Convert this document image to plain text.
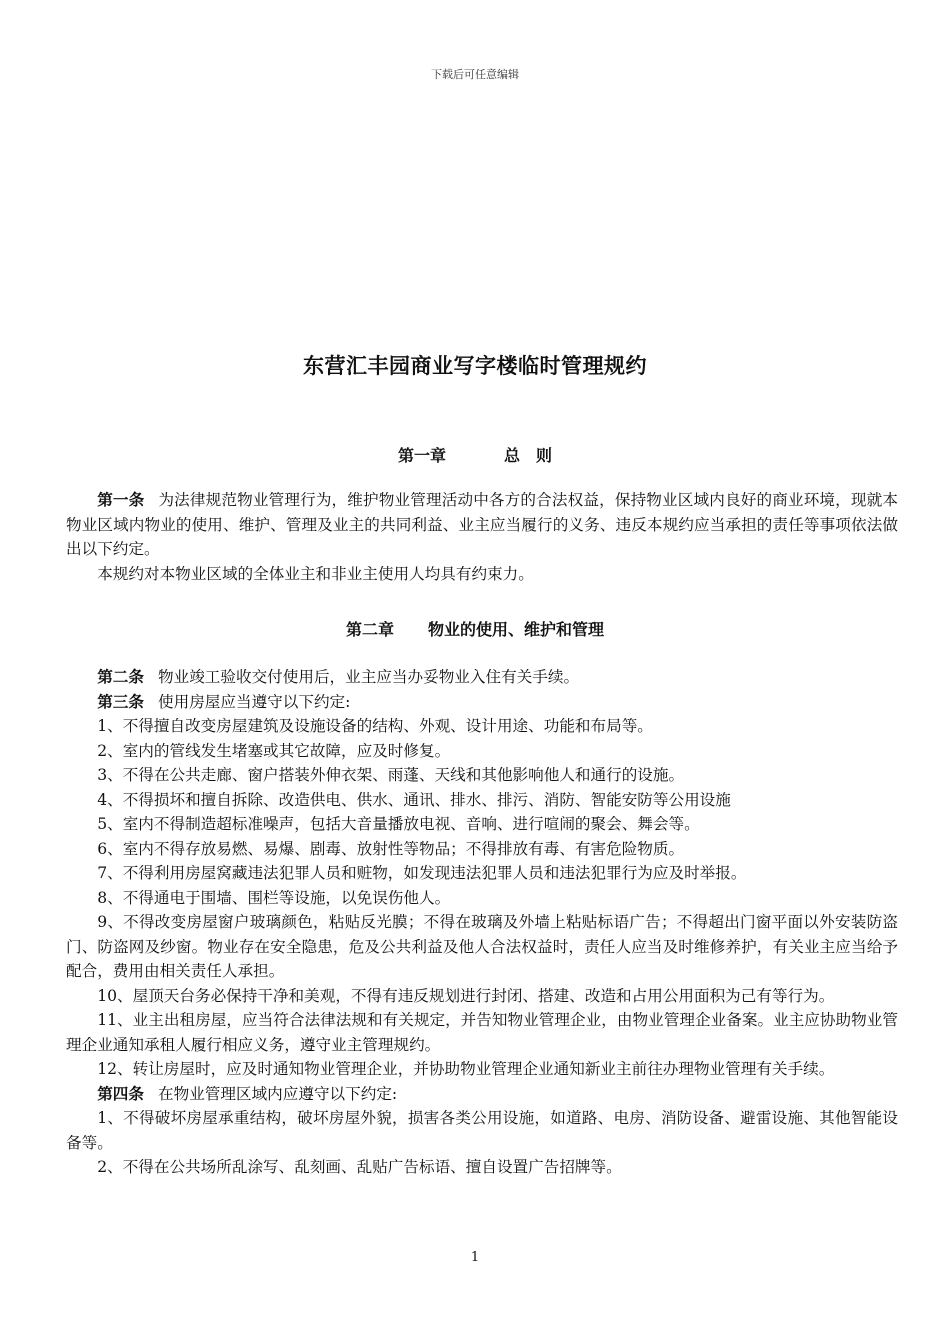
下载后可任意编辑
东营汇丰园商业写字楼临时管理规约
第一章	总　则

第一条 为法律规范物业管理行为，维护物业管理活动中各方的合法权益，保持物业区域内良好的商业环境，现就本物业区域内物业的使用、维护、管理及业主的共同利益、业主应当履行的义务、违反本规约应当承担的责任等事项依法做出以下约定。

本规约对本物业区域的全体业主和非业主使用人均具有约束力。

第二章 物业的使用、维护和管理

第二条 物业竣工验收交付使用后，业主应当办妥物业入住有关手续。

第三条 使用房屋应当遵守以下约定:

1、不得擅自改变房屋建筑及设施设备的结构、外观、设计用途、功能和布局等。

2、室内的管线发生堵塞或其它故障，应及时修复。

3、不得在公共走廊、窗户搭装外伸衣架、雨蓬、天线和其他影响他人和通行的设施。

4、不得损坏和擅自拆除、改造供电、供水、通讯、排水、排污、消防、智能安防等公用设施

5、室内不得制造超标准噪声，包括大音量播放电视、音响、进行喧闹的聚会、舞会等。

6、室内不得存放易燃、易爆、剧毒、放射性等物品；不得排放有毒、有害危险物质。

7、不得利用房屋窝藏违法犯罪人员和赃物，如发现违法犯罪人员和违法犯罪行为应及时举报。

8、不得通电于围墙、围栏等设施，以免误伤他人。

9、不得改变房屋窗户玻璃颜色，粘贴反光膜；不得在玻璃及外墙上粘贴标语广告；不得超出门窗平面以外安装防盗门、防盗网及纱窗。物业存在安全隐患，危及公共利益及他人合法权益时，责任人应当及时维修养护，有关业主应当给予配合，费用由相关责任人承担。

10、屋顶天台务必保持干净和美观，不得有违反规划进行封闭、搭建、改造和占用公用面积为己有等行为。

11、业主出租房屋，应当符合法律法规和有关规定，并告知物业管理企业，由物业管理企业备案。业主应协助物业管理企业通知承租人履行相应义务，遵守业主管理规约。

12、转让房屋时，应及时通知物业管理企业，并协助物业管理企业通知新业主前往办理物业管理有关手续。

第四条 在物业管理区域内应遵守以下约定:

1、不得破坏房屋承重结构，破坏房屋外貌，损害各类公用设施，如道路、电房、消防设备、避雷设施、其他智能设备等。

2、不得在公共场所乱涂写、乱刻画、乱贴广告标语、擅自设置广告招牌等。

1
